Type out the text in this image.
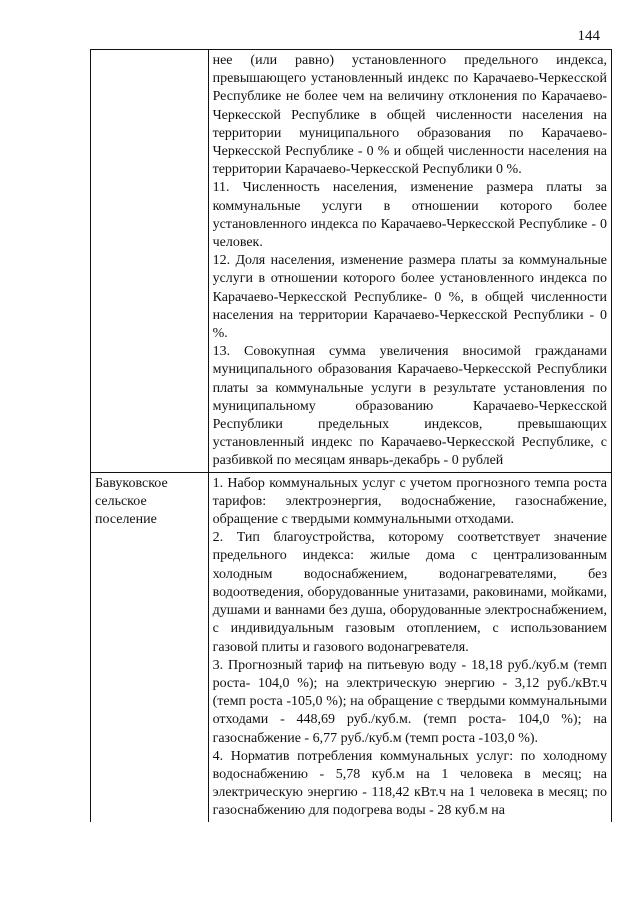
144

	нее (или равно) установленного предельного индекса, превышающего установленный индекс по Карачаево-Черкесской Республике не более чем на величину отклонения по Карачаево-Черкесской Республике в общей численности населения на территории муниципального образования по Карачаево-Черкесской Республике - 0 % и общей численности населения на территории Карачаево-Черкесской Республики 0 %.

11. Численность населения, изменение размера платы за коммунальные услуги в отношении которого более установленного индекса по Карачаево-Черкесской Республике - 0 человек.

12. Доля населения, изменение размера платы за коммунальные услуги в отношении которого более установленного индекса по Карачаево-Черкесской Республике- 0 %, в общей численности населения на территории Карачаево-Черкесской Республики - 0 %.

13. Совокупная сумма увеличения вносимой гражданами муниципального образования Карачаево-Черкесской Республики платы за коммунальные услуги в результате установления по муниципальному образованию Карачаево-Черкесской Республики предельных индексов, превышающих установленный индекс по Карачаево-Черкесской Республике, с разбивкой по месяцам январь-декабрь - 0 рублей

Бавуковское сельское поселение	1. Набор коммунальных услуг с учетом прогнозного темпа роста тарифов: электроэнергия, водоснабжение, газоснабжение, обращение с твердыми коммунальными отходами.

2. Тип благоустройства, которому соответствует значение предельного индекса: жилые дома с централизованным холодным водоснабжением, водонагревателями, без водоотведения, оборудованные унитазами, раковинами, мойками, душами и ваннами без душа, оборудованные электроснабжением, с индивидуальным газовым отоплением, с использованием газовой плиты и газового водонагревателя.

3. Прогнозный тариф на питьевую воду - 18,18 руб./куб.м (темп роста- 104,0 %); на электрическую энергию - 3,12 руб./кВт.ч (темп роста -105,0 %); на обращение с твердыми коммунальными отходами - 448,69 руб./куб.м. (темп роста- 104,0 %); на газоснабжение - 6,77 руб./куб.м (темп роста -103,0 %).

4. Норматив потребления коммунальных услуг: по холодному водоснабжению - 5,78 куб.м на 1 человека в месяц; на электрическую энергию - 118,42 кВт.ч на 1 человека в месяц; по газоснабжению для подогрева воды - 28 куб.м на
